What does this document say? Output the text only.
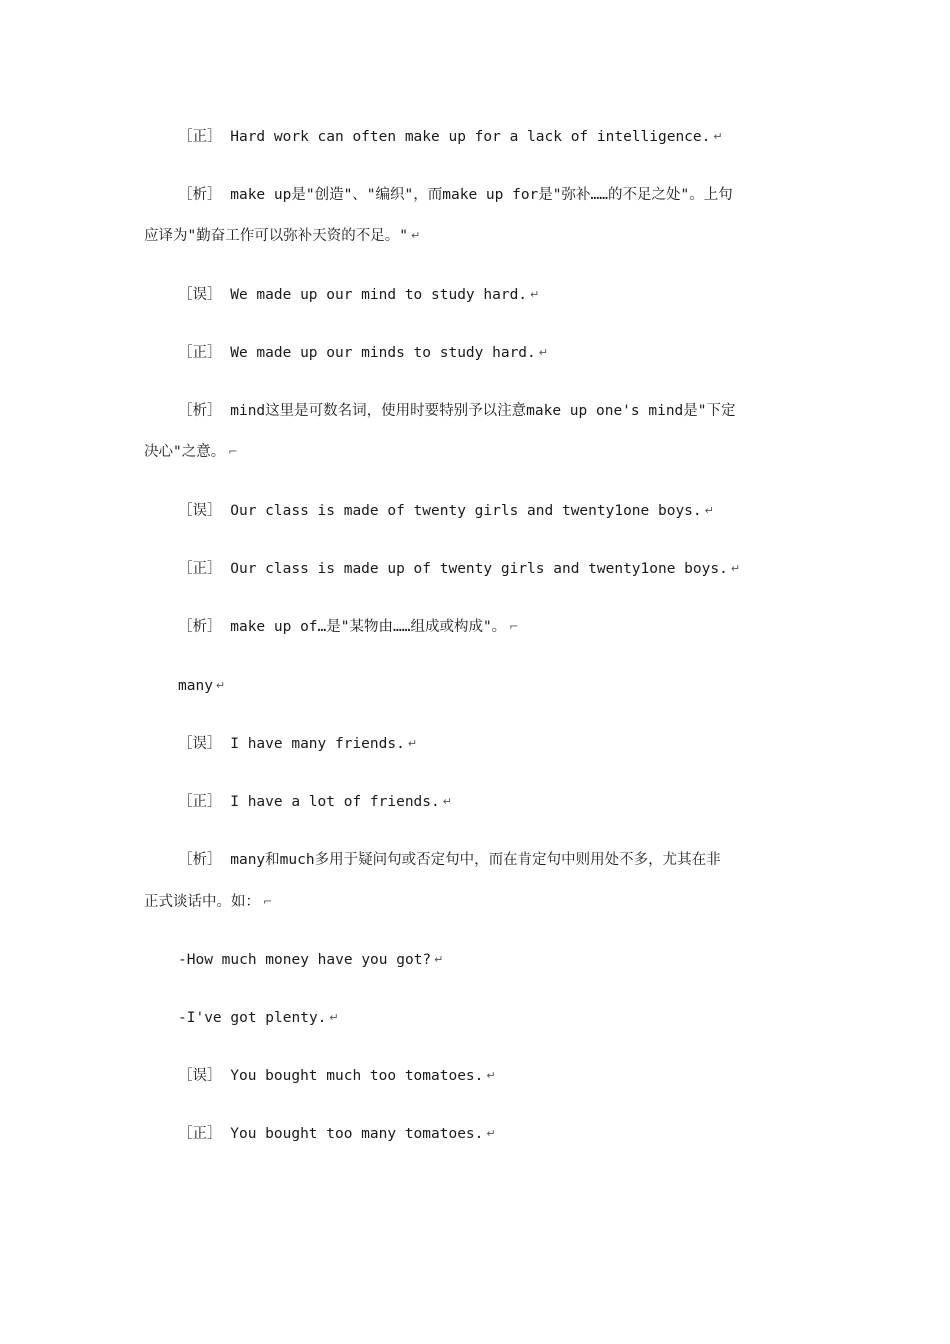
［正］ Hard work can often make up for a lack of intelligence. ↵
［析］ make up是"创造"、"编织"，而make up for是"弥补……的不足之处"。上句
应译为"勤奋工作可以弥补天资的不足。" ↵
［误］ We made up our mind to study hard. ↵
［正］ We made up our minds to study hard. ↵
［析］ mind这里是可数名词，使用时要特别予以注意make up one's mind是"下定
决心"之意。 ⌐
［误］ Our class is made of twenty girls and twenty1one boys. ↵
［正］ Our class is made up of twenty girls and twenty1one boys. ↵
［析］ make up of…是"某物由……组成或构成"。 ⌐
many ↵
［误］ I have many friends. ↵
［正］ I have a lot of friends. ↵
［析］ many和much多用于疑问句或否定句中，而在肯定句中则用处不多，尤其在非
正式谈话中。如： ⌐
-How much money have you got? ↵
-I've got plenty. ↵
［误］ You bought much too tomatoes. ↵
［正］ You bought too many tomatoes. ↵
